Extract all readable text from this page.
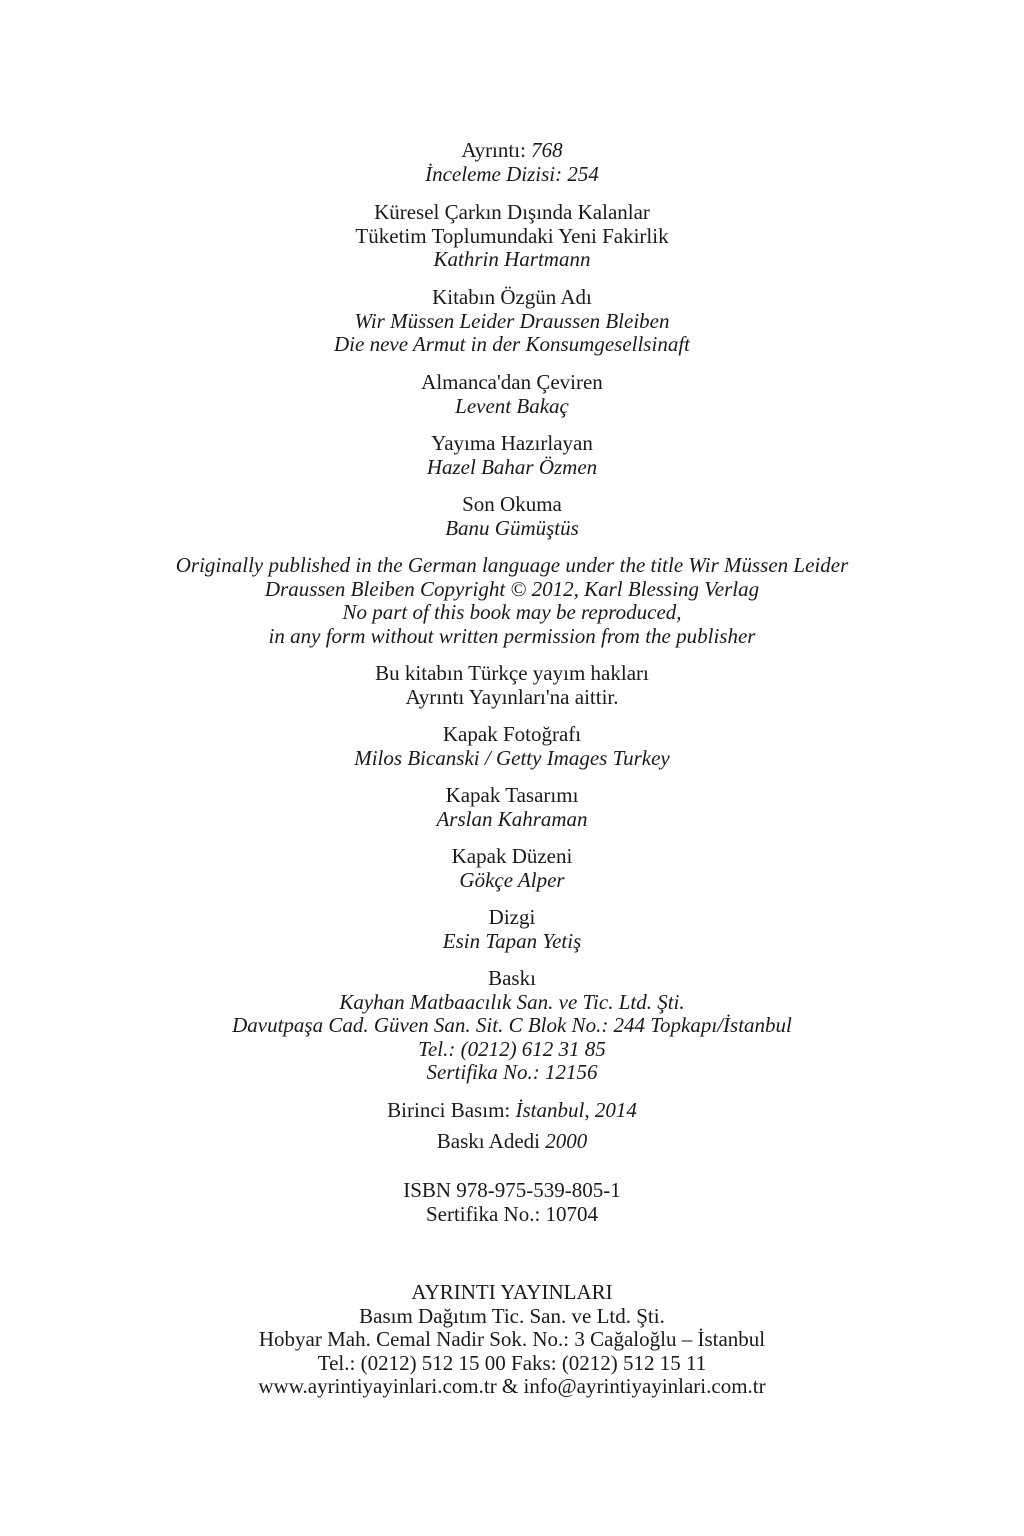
Ayrıntı: 768
İnceleme Dizisi: 254
Küresel Çarkın Dışında Kalanlar
Tüketim Toplumundaki Yeni Fakirlik
Kathrin Hartmann
Kitabın Özgün Adı
Wir Müssen Leider Draussen Bleiben
Die neve Armut in der Konsumgesellsinaft
Almanca'dan Çeviren
Levent Bakaç
Yayıma Hazırlayan
Hazel Bahar Özmen
Son Okuma
Banu Gümüştüs
Originally published in the German language under the title Wir Müssen Leider
Draussen Bleiben Copyright © 2012, Karl Blessing Verlag
No part of this book may be reproduced,
in any form without written permission from the publisher
Bu kitabın Türkçe yayım hakları
Ayrıntı Yayınları'na aittir.
Kapak Fotoğrafı
Milos Bicanski / Getty Images Turkey
Kapak Tasarımı
Arslan Kahraman
Kapak Düzeni
Gökçe Alper
Dizgi
Esin Tapan Yetiş
Baskı
Kayhan Matbaacılık San. ve Tic. Ltd. Şti.
Davutpaşa Cad. Güven San. Sit. C Blok No.: 244 Topkapı/İstanbul
Tel.: (0212) 612 31 85
Sertifika No.: 12156
Birinci Basım: İstanbul, 2014
Baskı Adedi 2000
ISBN 978-975-539-805-1
Sertifika No.: 10704
AYRINTI YAYINLARI
Basım Dağıtım Tic. San. ve Ltd. Şti.
Hobyar Mah. Cemal Nadir Sok. No.: 3 Cağaloğlu – İstanbul
Tel.: (0212) 512 15 00 Faks: (0212) 512 15 11
www.ayrintiyayinlari.com.tr & info@ayrintiyayinlari.com.tr
